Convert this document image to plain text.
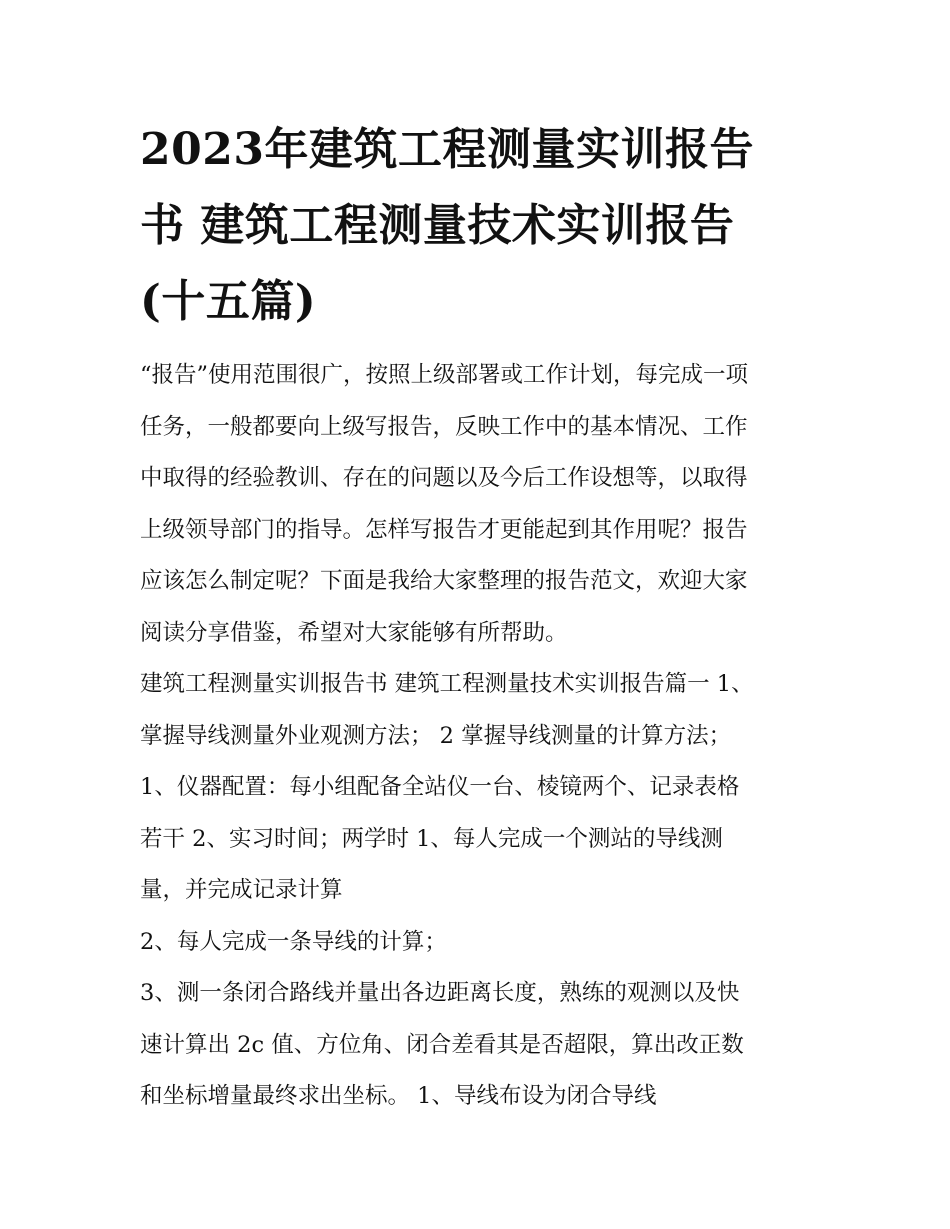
2023年建筑工程测量实训报告
书 建筑工程测量技术实训报告
(十五篇)

“报告”使用范围很广，按照上级部署或工作计划，每完成一项
任务，一般都要向上级写报告，反映工作中的基本情况、工作
中取得的经验教训、存在的问题以及今后工作设想等，以取得
上级领导部门的指导。怎样写报告才更能起到其作用呢？报告
应该怎么制定呢？下面是我给大家整理的报告范文，欢迎大家
阅读分享借鉴，希望对大家能够有所帮助。

建筑工程测量实训报告书 建筑工程测量技术实训报告篇一 1、
掌握导线测量外业观测方法； 2 掌握导线测量的计算方法；

1、仪器配置：每小组配备全站仪一台、棱镜两个、记录表格
若干 2、实习时间；两学时 1、每人完成一个测站的导线测
量，并完成记录计算

2、每人完成一条导线的计算；

3、测一条闭合路线并量出各边距离长度，熟练的观测以及快
速计算出 2c 值、方位角、闭合差看其是否超限，算出改正数
和坐标增量最终求出坐标。 1、导线布设为闭合导线
